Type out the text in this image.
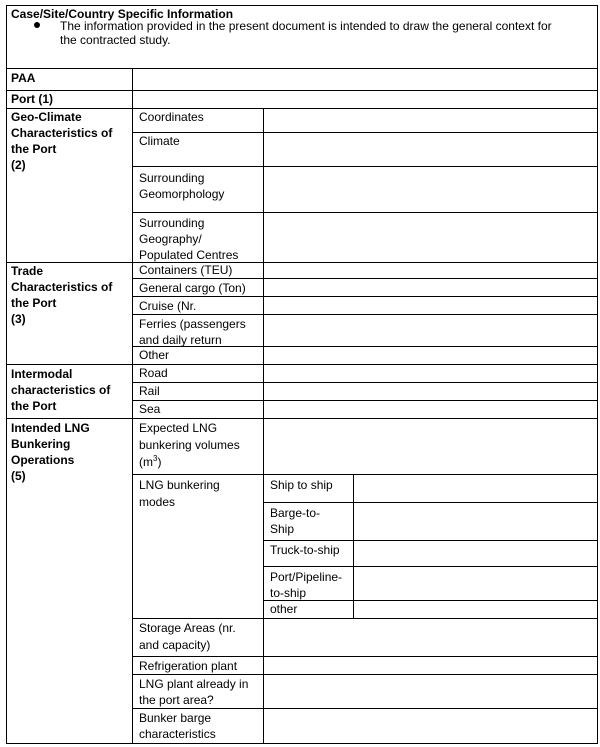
Case/Site/Country Specific Information
The information provided in the present document is intended to draw the general context for
the contracted study.
PAA
Port (1)
Geo-Climate
Characteristics of
the Port
(2)
Trade
Characteristics of
the Port
(3)
Intermodal
characteristics of
the Port
Intended LNG
Bunkering
Operations
(5)
Coordinates
Climate
Surrounding
Geomorphology
Surrounding
Geography/
Populated Centres
Containers (TEU)
General cargo (Ton)
Cruise (Nr.
Ferries (passengers
and daily return
Other
Road
Rail
Sea
Expected LNG
bunkering volumes
$(m^3)$
LNG bunkering
modes
Ship to ship
Barge-to-
Ship
Truck-to-ship
Port/Pipeline-
to-ship
other
Storage Areas (nr.
and capacity)
Refrigeration plant
LNG plant already in
the port area?
Bunker barge
characteristics
